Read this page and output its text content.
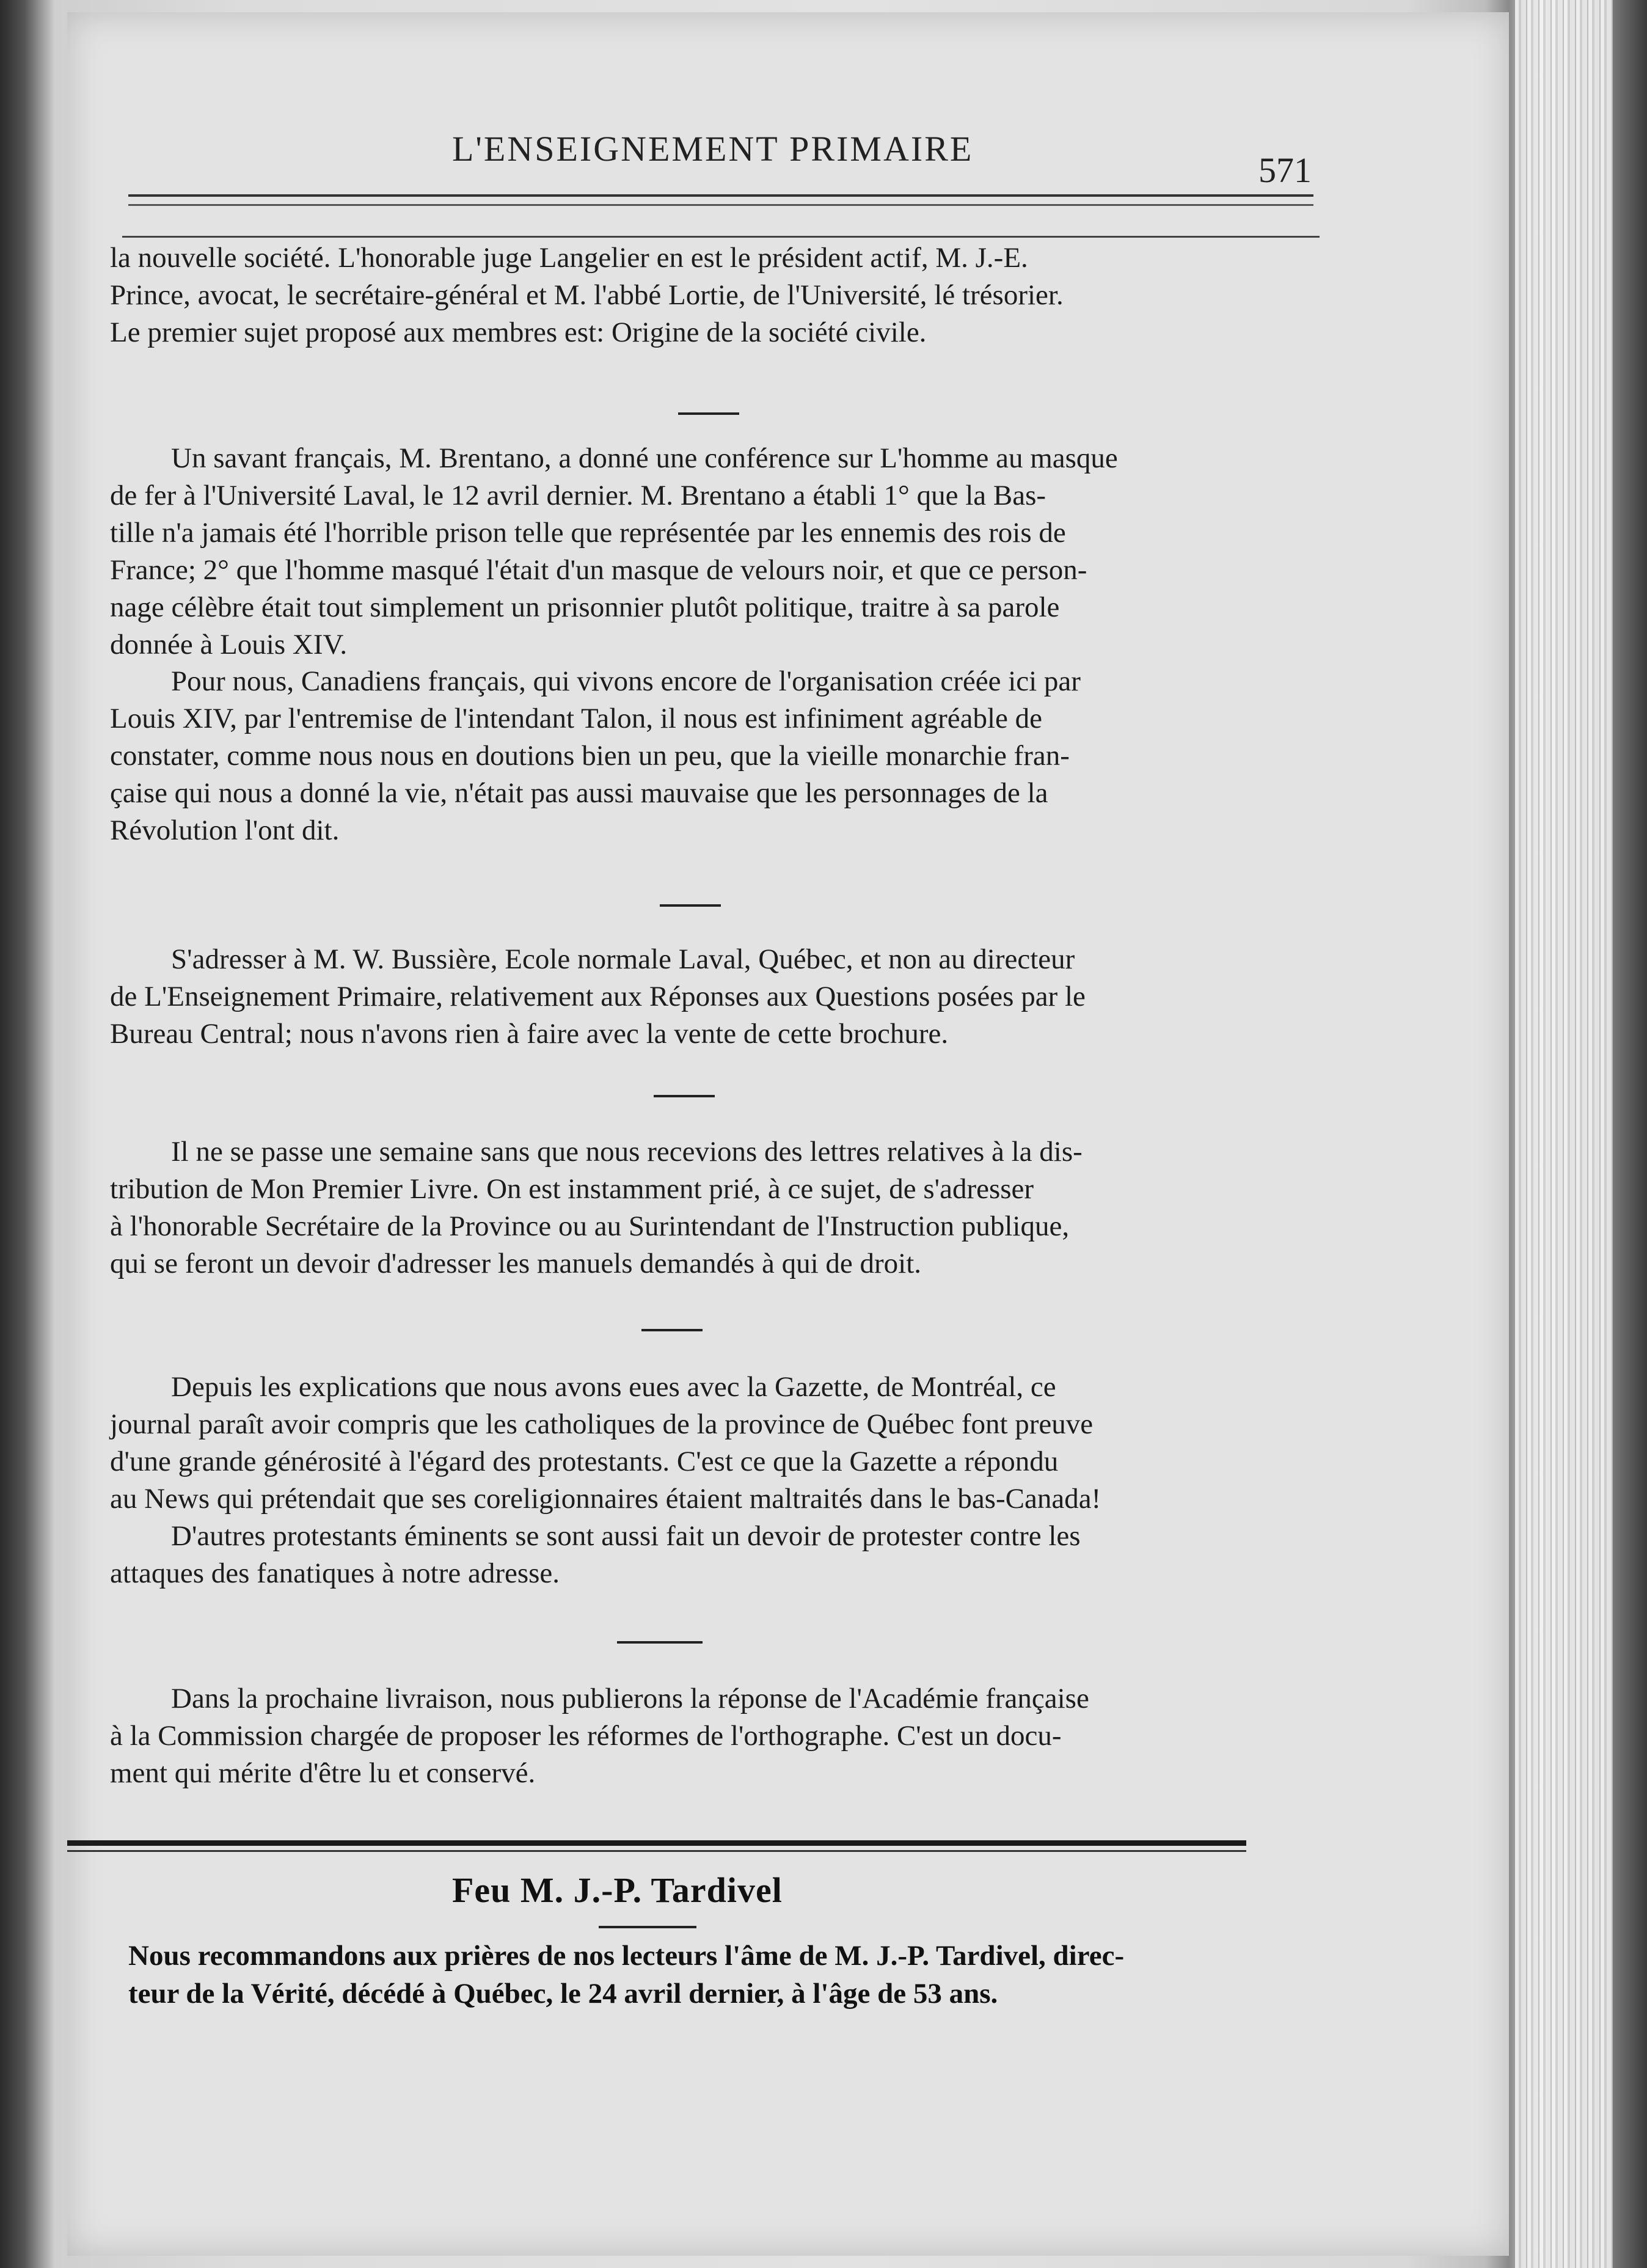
L'ENSEIGNEMENT PRIMAIRE
571

la nouvelle société. L'honorable juge Langelier en est le président actif, M. J.-E.

Prince, avocat, le secrétaire-général et M. l'abbé Lortie, de l'Université, lé trésorier.

Le premier sujet proposé aux membres est: Origine de la société civile.

Un savant français, M. Brentano, a donné une conférence sur L'homme au masque

de fer à l'Université Laval, le 12 avril dernier. M. Brentano a établi 1° que la Bas-

tille n'a jamais été l'horrible prison telle que représentée par les ennemis des rois de

France; 2° que l'homme masqué l'était d'un masque de velours noir, et que ce person-

nage célèbre était tout simplement un prisonnier plutôt politique, traitre à sa parole

donnée à Louis XIV.

Pour nous, Canadiens français, qui vivons encore de l'organisation créée ici par

Louis XIV, par l'entremise de l'intendant Talon, il nous est infiniment agréable de

constater, comme nous nous en doutions bien un peu, que la vieille monarchie fran-

çaise qui nous a donné la vie, n'était pas aussi mauvaise que les personnages de la

Révolution l'ont dit.

S'adresser à M. W. Bussière, Ecole normale Laval, Québec, et non au directeur

de L'Enseignement Primaire, relativement aux Réponses aux Questions posées par le

Bureau Central; nous n'avons rien à faire avec la vente de cette brochure.

Il ne se passe une semaine sans que nous recevions des lettres relatives à la dis-

tribution de Mon Premier Livre. On est instamment prié, à ce sujet, de s'adresser

à l'honorable Secrétaire de la Province ou au Surintendant de l'Instruction publique,

qui se feront un devoir d'adresser les manuels demandés à qui de droit.

Depuis les explications que nous avons eues avec la Gazette, de Montréal, ce

journal paraît avoir compris que les catholiques de la province de Québec font preuve

d'une grande générosité à l'égard des protestants. C'est ce que la Gazette a répondu

au News qui prétendait que ses coreligionnaires étaient maltraités dans le bas-Canada!

D'autres protestants éminents se sont aussi fait un devoir de protester contre les

attaques des fanatiques à notre adresse.

Dans la prochaine livraison, nous publierons la réponse de l'Académie française

à la Commission chargée de proposer les réformes de l'orthographe. C'est un docu-

ment qui mérite d'être lu et conservé.

Feu M. J.-P. Tardivel

Nous recommandons aux prières de nos lecteurs l'âme de M. J.-P. Tardivel, direc-

teur de la Vérité, décédé à Québec, le 24 avril dernier, à l'âge de 53 ans.
